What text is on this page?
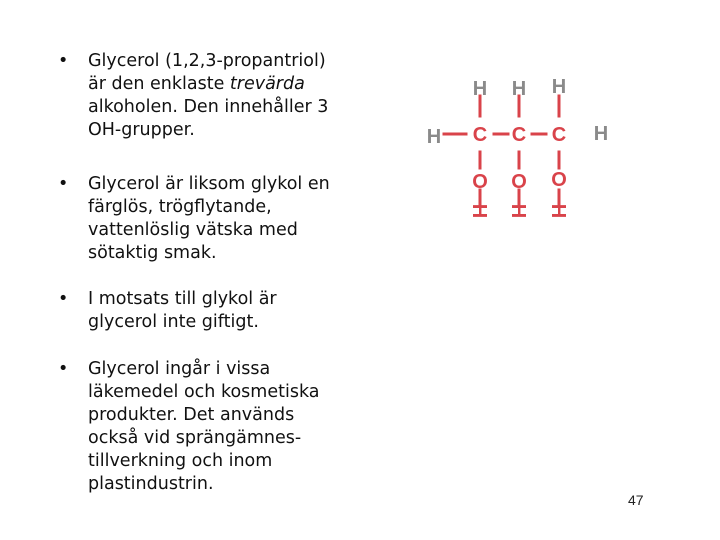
• Glycerol (1,2,3-propantriol)
är den enklaste trevärda
alkoholen. Den innehåller 3
OH-grupper.
• Glycerol är liksom glykol en
färglös, trögflytande,
vattenlöslig vätska med
sötaktig smak.
• I motsats till glykol är
glycerol inte giftigt.
• Glycerol ingår i vissa
läkemedel och kosmetiska
produkter. Det används
också vid sprängämnes-
tillverkning och inom
plastindustrin.
H H H
H	H
C C C
O O O
H H H
47
